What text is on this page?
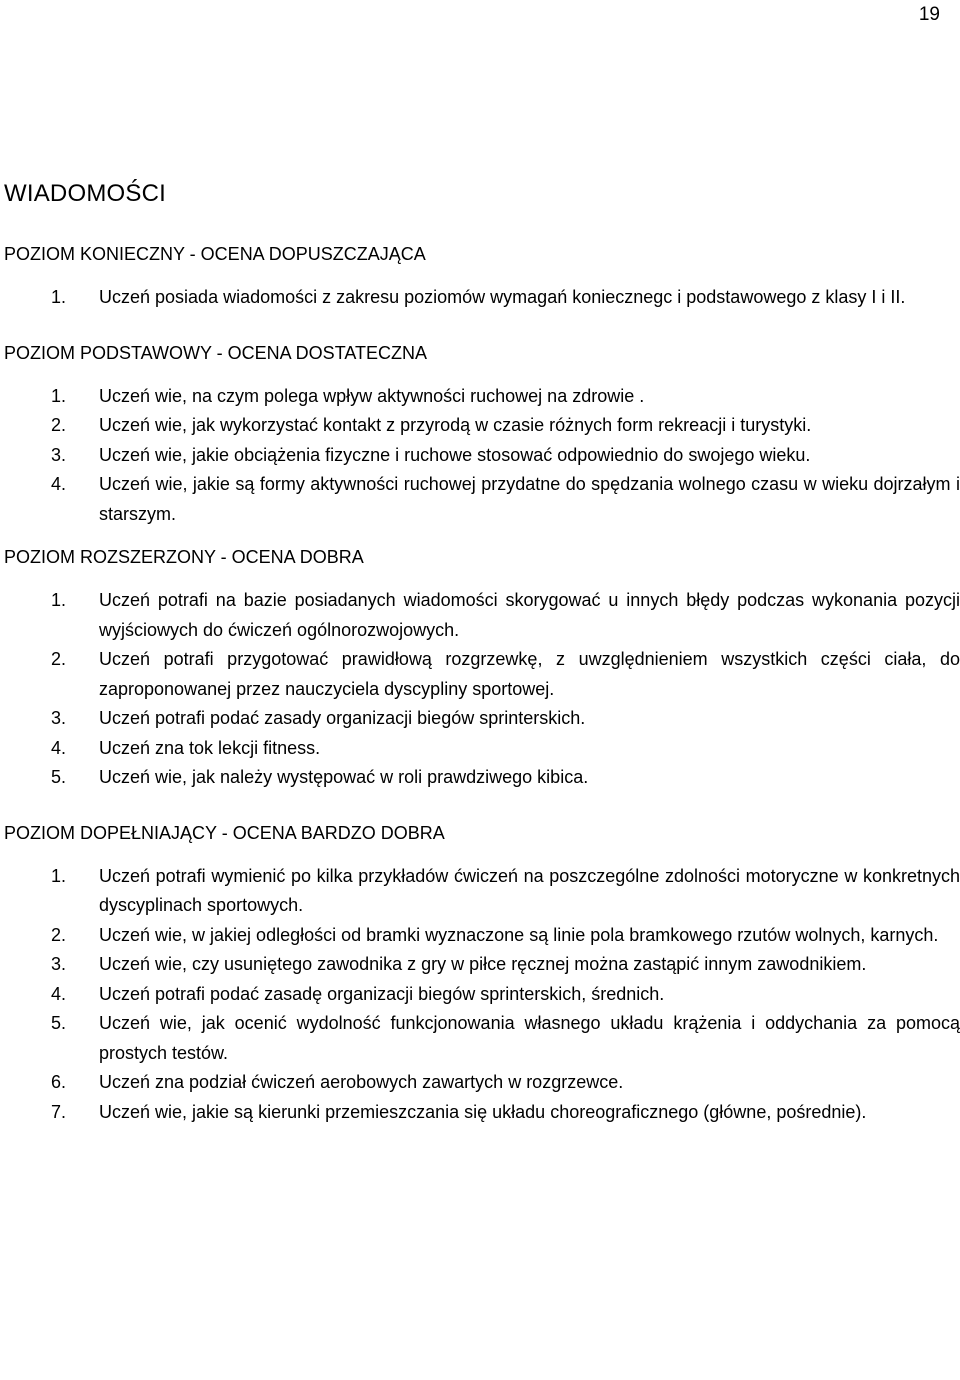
19
WIADOMOŚCI
POZIOM KONIECZNY - OCENA DOPUSZCZAJĄCA
1.	Uczeń posiada wiadomości z zakresu poziomów wymagań koniecznegc i podstawowego z klasy I i II.
POZIOM PODSTAWOWY - OCENA DOSTATECZNA
1.	Uczeń wie, na czym polega wpływ aktywności ruchowej na zdrowie .
2.	Uczeń wie, jak wykorzystać kontakt z przyrodą w czasie różnych form rekreacji i turystyki.
3.	Uczeń wie, jakie obciążenia fizyczne i ruchowe stosować odpowiednio do swojego wieku.
4.	Uczeń wie, jakie są formy aktywności ruchowej przydatne do spędzania wolnego czasu w wieku dojrzałym i starszym.
POZIOM ROZSZERZONY - OCENA DOBRA
1.	Uczeń potrafi na bazie posiadanych wiadomości skorygować u innych błędy podczas wykonania pozycji wyjściowych do ćwiczeń ogólnorozwojowych.
2.	Uczeń potrafi przygotować prawidłową rozgrzewkę, z uwzględnieniem wszystkich części ciała, do zaproponowanej przez nauczyciela dyscypliny sportowej.
3.	Uczeń potrafi podać zasady organizacji biegów sprinterskich.
4.	Uczeń zna tok lekcji fitness.
5.	Uczeń wie, jak należy występować w roli prawdziwego kibica.
POZIOM DOPEŁNIAJĄCY - OCENA BARDZO DOBRA
1.	Uczeń potrafi wymienić po kilka przykładów ćwiczeń na poszczególne zdolności motoryczne w konkretnych dyscyplinach sportowych.
2.	Uczeń wie, w jakiej odległości od bramki wyznaczone są linie pola bramkowego rzutów wolnych, karnych.
3.	Uczeń wie, czy usuniętego zawodnika z gry w piłce ręcznej można zastąpić innym zawodnikiem.
4.	Uczeń potrafi podać zasadę organizacji biegów sprinterskich, średnich.
5.	Uczeń wie, jak ocenić wydolność funkcjonowania własnego układu krążenia i oddychania za pomocą prostych testów.
6.	Uczeń zna podział ćwiczeń aerobowych zawartych w rozgrzewce.
7.	Uczeń wie, jakie są kierunki przemieszczania się układu choreograficznego (główne, pośrednie).
